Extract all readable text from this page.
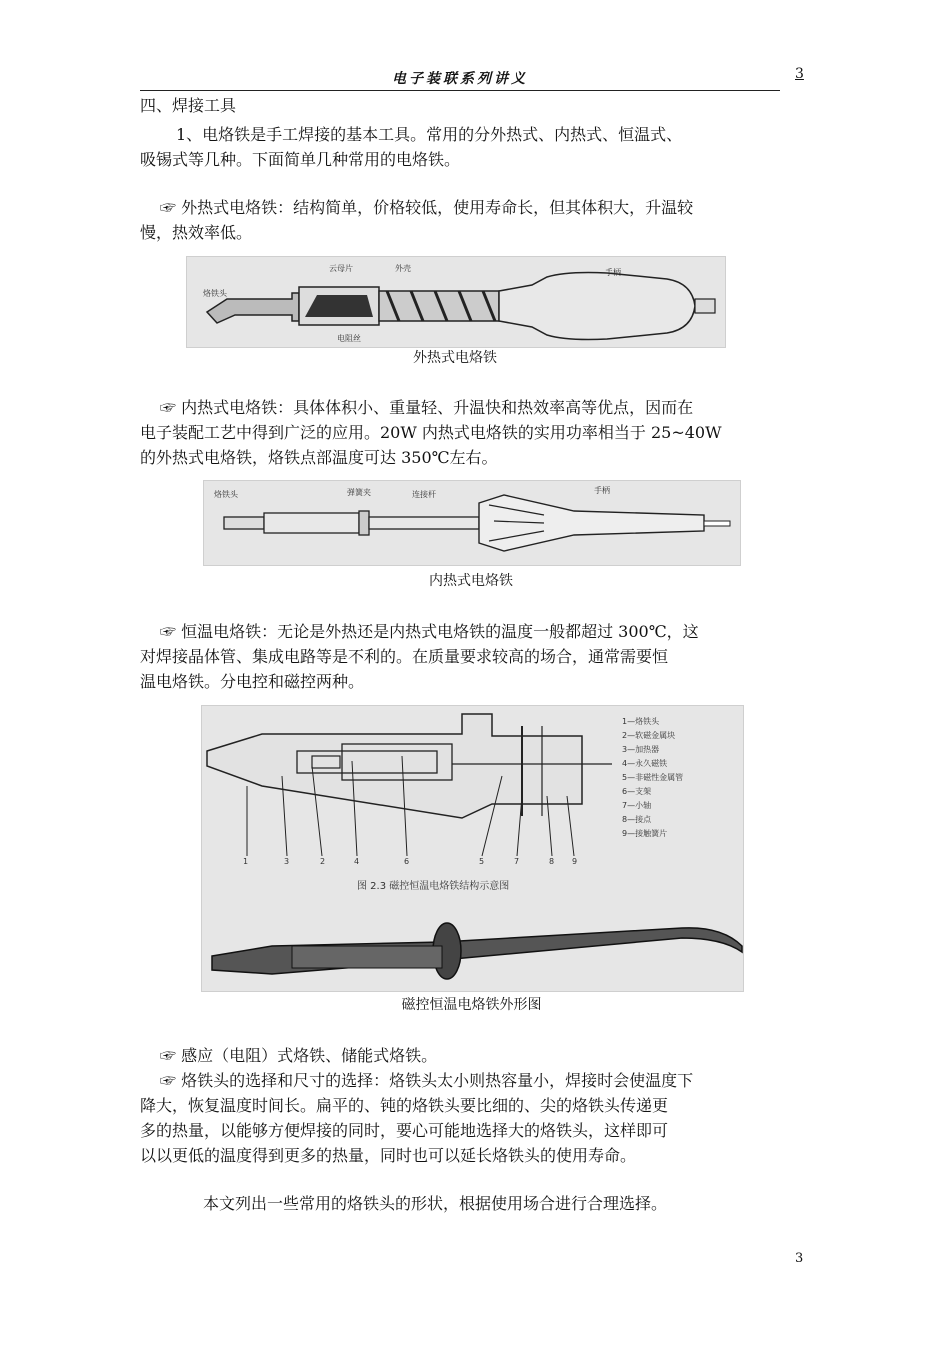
电子装联系列讲义	3

四、焊接工具

1、电烙铁是手工焊接的基本工具。常用的分外热式、内热式、恒温式、

吸锡式等几种。下面简单几种常用的电烙铁。

☞ 外热式电烙铁：结构简单，价格较低，使用寿命长，但其体积大，升温较

慢，热效率低。

烙铁头
云母片	外壳	手柄
电阻丝
外热式电烙铁

☞ 内热式电烙铁：具体体积小、重量轻、升温快和热效率高等优点，因而在

电子装配工艺中得到广泛的应用。20W 内热式电烙铁的实用功率相当于 25~40W

的外热式电烙铁，烙铁点部温度可达 350℃左右。

烙铁头	弹簧夹	连接杆	手柄
内热式电烙铁

☞ 恒温电烙铁：无论是外热还是内热式电烙铁的温度一般都超过 300℃，这

对焊接晶体管、集成电路等是不利的。在质量要求较高的场合，通常需要恒

温电烙铁。分电控和磁控两种。

1	3	2	4	6	5	7	8 9
1—烙铁头
2—软磁金属块
3—加热器
4—永久磁铁
5—非磁性金属管
6—支架
7—小轴
8—接点
9—接触簧片
图 2.3 磁控恒温电烙铁结构示意图
磁控恒温电烙铁外形图

☞ 感应（电阻）式烙铁、储能式烙铁。

☞ 烙铁头的选择和尺寸的选择：烙铁头太小则热容量小，焊接时会使温度下

降大，恢复温度时间长。扁平的、钝的烙铁头要比细的、尖的烙铁头传递更

多的热量，以能够方便焊接的同时，要心可能地选择大的烙铁头，这样即可

以以更低的温度得到更多的热量，同时也可以延长烙铁头的使用寿命。

本文列出一些常用的烙铁头的形状，根据使用场合进行合理选择。

3
